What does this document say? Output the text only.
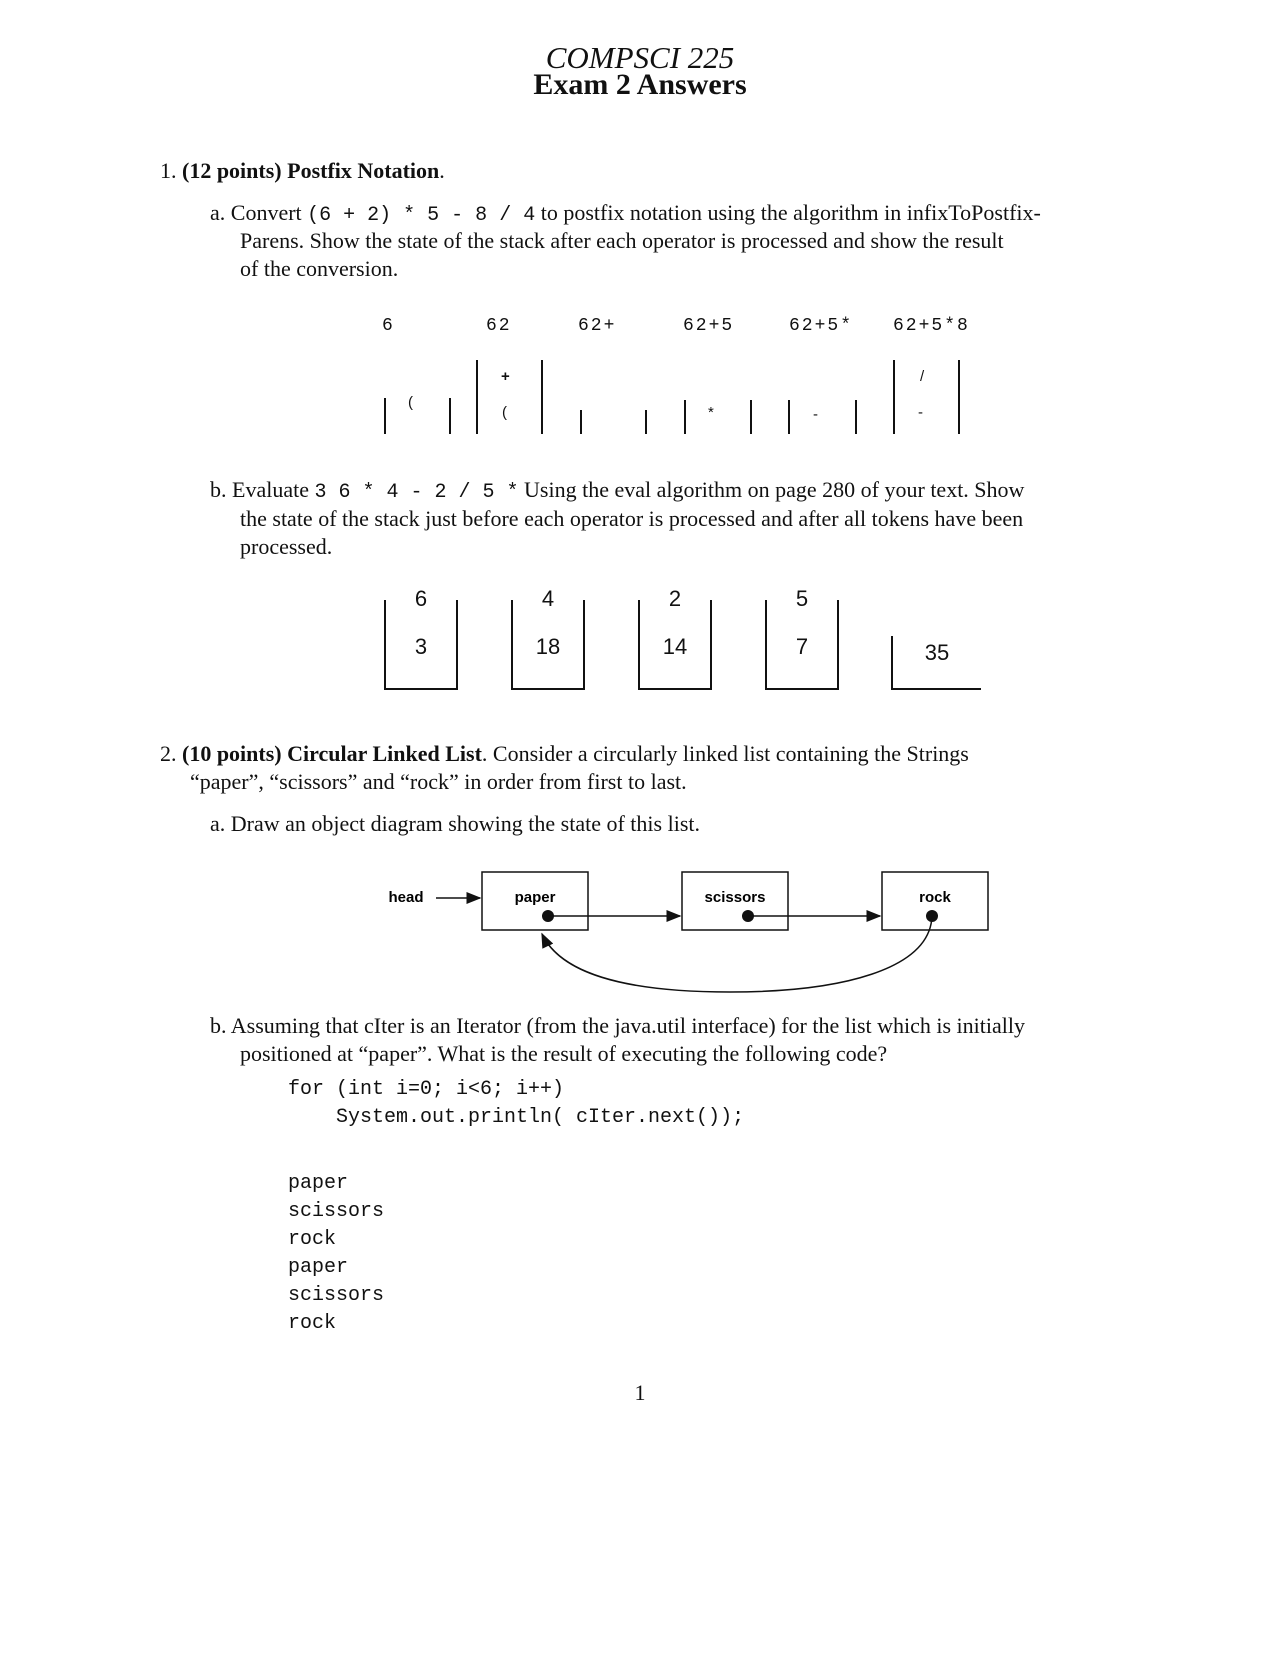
COMPSCI 225
Exam 2 Answers
1. (12 points) Postfix Notation.
a. Convert (6 + 2) * 5 - 8 / 4 to postfix notation using the algorithm in infixToPostfix-
Parens. Show the state of the stack after each operator is processed and show the result
of the conversion.
6	62	62+	62+5	62+5* 62+5*8
(
+
(	*	-
/
-
b. Evaluate 3 6 * 4 - 2 / 5 * Using the eval algorithm on page 280 of your text. Show
the state of the stack just before each operator is processed and after all tokens have been
processed.
6
3
4
18
2
14
5
7	35
2. (10 points) Circular Linked List. Consider a circularly linked list containing the Strings
“paper”, “scissors” and “rock” in order from first to last.
a. Draw an object diagram showing the state of this list.
head	paper	scissors	rock
b. Assuming that cIter is an Iterator (from the java.util interface) for the list which is initially
positioned at “paper”. What is the result of executing the following code?
for (int i=0; i<6; i++)
System.out.println( cIter.next());
paper
scissors
rock
paper
scissors
rock
1
